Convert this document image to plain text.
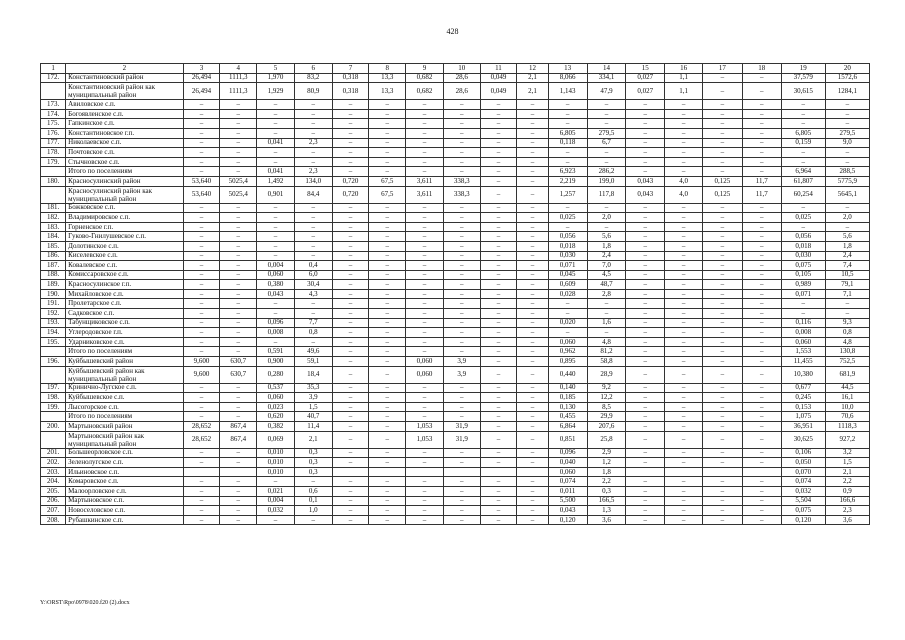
428
1	2	3	4	5	6	7	8	9	10	11	12	13	14	15	16	17	18	19	20
172.	Константиновский район	26,494	1111,3	1,970	83,2	0,318	13,3	0,682	28,6	0,049	2,1	8,066	334,1	0,027	1,1	–	–	37,579	1572,6
	Константиновский район как муниципальный район	26,494	1111,3	1,929	80,9	0,318	13,3	0,682	28,6	0,049	2,1	1,143	47,9	0,027	1,1	–	–	30,615	1284,1
173.	Авиловское с.п.	–	–	–	–	–	–	–	–	–	–	–	–	–	–	–	–	–	–
174.	Богоявленское с.п.	–	–	–	–	–	–	–	–	–	–	–	–	–	–	–	–	–	–
175.	Гапкинское с.п.	–	–	–	–	–	–	–	–	–	–	–	–	–	–	–	–	–	–
176.	Константиновское г.п.	–	–	–	–	–	–	–	–	–	–	6,805	279,5	–	–	–	–	6,805	279,5
177.	Николаевское с.п.	–	–	0,041	2,3	–	–	–	–	–	–	0,118	6,7	–	–	–	–	0,159	9,0
178.	Почтовское с.п.	–	–	–	–	–	–	–	–	–	–	–	–	–	–	–	–	–	–
179.	Стычновское с.п.	–	–	–	–	–	–	–	–	–	–	–	–	–	–	–	–	–	–
	Итого по поселениям	–	–	0,041	2,3	–	–	–	–	–	–	6,923	286,2	–	–	–	–	6,964	288,5
180.	Красносулинский район	53,640	5025,4	1,492	134,0	0,720	67,5	3,611	338,3	–	–	2,219	199,0	0,043	4,0	0,125	11,7	61,807	5775,9
	Красносулинский район как муниципальный район	53,640	5025,4	0,901	84,4	0,720	67,5	3,611	338,3	–	–	1,257	117,8	0,043	4,0	0,125	11,7	60,254	5645,1
181.	Божковское с.п.	–	–	–	–	–	–	–	–	–	–	–	–	–	–	–	–	–	–
182.	Владимировское с.п.	–	–	–	–	–	–	–	–	–	–	0,025	2,0	–	–	–	–	0,025	2,0
183.	Горненское г.п.	–	–	–	–	–	–	–	–	–	–	–	–	–	–	–	–	–	–
184.	Гуково-Гнилушевское с.п.	–	–	–	–	–	–	–	–	–	–	0,056	5,6	–	–	–	–	0,056	5,6
185.	Долотинское с.п.	–	–	–	–	–	–	–	–	–	–	0,018	1,8	–	–	–	–	0,018	1,8
186.	Киселевское с.п.	–	–	–	–	–	–	–	–	–	–	0,030	2,4	–	–	–	–	0,030	2,4
187.	Ковалевское с.п.	–	–	0,004	0,4	–	–	–	–	–	–	0,071	7,0	–	–	–	–	0,075	7,4
188.	Комиссаровское с.п.	–	–	0,060	6,0	–	–	–	–	–	–	0,045	4,5	–	–	–	–	0,105	10,5
189.	Красносулинское г.п.	–	–	0,380	30,4	–	–	–	–	–	–	0,609	48,7	–	–	–	–	0,989	79,1
190.	Михайловское с.п.	–	–	0,043	4,3	–	–	–	–	–	–	0,028	2,8	–	–	–	–	0,071	7,1
191.	Пролетарское с.п.	–	–	–	–	–	–	–	–	–	–	–	–	–	–	–	–	–	–
192.	Садковское с.п.	–	–	–	–	–	–	–	–	–	–	–	–	–	–	–	–	–	–
193.	Табунщиковское с.п.	–	–	0,096	7,7	–	–	–	–	–	–	0,020	1,6	–	–	–	–	0,116	9,3
194.	Углеродовское г.п.	–	–	0,008	0,8	–	–	–	–	–	–	–	–	–	–	–	–	0,008	0,8
195.	Ударниковское с.п.	–	–	–	–	–	–	–	–	–	–	0,060	4,8	–	–	–	–	0,060	4,8
	Итого по поселениям	–	–	0,591	49,6	–	–	–	–	–	–	0,962	81,2	–	–	–	–	1,553	130,8
196.	Куйбышевский район	9,600	630,7	0,900	59,1	–	–	0,060	3,9	–	–	0,895	58,8	–	–	–	–	11,455	752,5
	Куйбышевский район как муниципальный район	9,600	630,7	0,280	18,4	–	–	0,060	3,9	–	–	0,440	28,9	–	–	–	–	10,380	681,9
197.	Кринично-Лугское с.п.	–	–	0,537	35,3	–	–	–	–	–	–	0,140	9,2	–	–	–	–	0,677	44,5
198.	Куйбышевское с.п.	–	–	0,060	3,9	–	–	–	–	–	–	0,185	12,2	–	–	–	–	0,245	16,1
199.	Лысогорское с.п.	–	–	0,023	1,5	–	–	–	–	–	–	0,130	8,5	–	–	–	–	0,153	10,0
	Итого по поселениям	–	–	0,620	40,7	–	–	–	–	–	–	0,455	29,9	–	–	–	–	1,075	70,6
200.	Мартыновский район	28,652	867,4	0,382	11,4	–	–	1,053	31,9	–	–	6,864	207,6	–	–	–	–	36,951	1118,3
	Мартыновский район как муниципальный район	28,652	867,4	0,069	2,1	–	–	1,053	31,9	–	–	0,851	25,8	–	–	–	–	30,625	927,2
201.	Большеорловское с.п.	–	–	0,010	0,3	–	–	–	–	–	–	0,096	2,9	–	–	–	–	0,106	3,2
202.	Зеленолугское с.п.	–	–	0,010	0,3	–	–	–	–	–	–	0,040	1,2	–	–	–	–	0,050	1,5
203.	Ильиновское с.п.			0,010	0,3							0,060	1,8					0,070	2,1
204.	Комаровское с.п.	–	–	–	–	–	–	–	–	–	–	0,074	2,2	–	–	–	–	0,074	2,2
205.	Малоорловское с.п.	–	–	0,021	0,6	–	–	–	–	–	–	0,011	0,3	–	–	–	–	0,032	0,9
206.	Мартыновское с.п.	–	–	0,004	0,1	–	–	–	–	–	–	5,500	166,5	–	–	–	–	5,504	166,6
207.	Новоселовское с.п.	–	–	0,032	1,0	–	–	–	–	–	–	0,043	1,3	–	–	–	–	0,075	2,3
208.	Рубашкинское с.п.	–	–	–	–	–	–	–	–	–	–	0,120	3,6	–	–	–	–	0,120	3,6
Y:\ORST\Rpo\0978\020.f20 (2).docx
